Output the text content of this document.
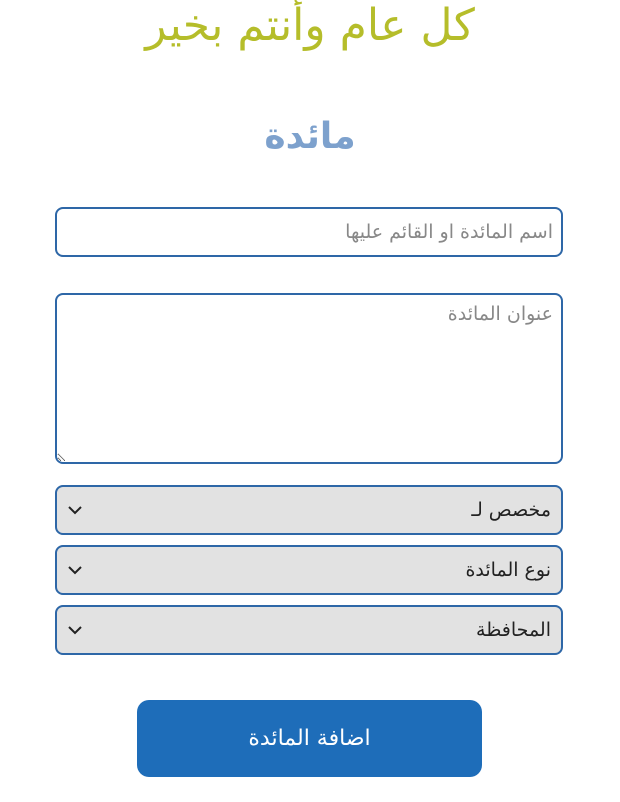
كل عام وأنتم بخير
مائدة
اسم المائدة او القائم عليها
عنوان المائدة
مخصص لـ
نوع المائدة
المحافظة
اضافة المائدة
